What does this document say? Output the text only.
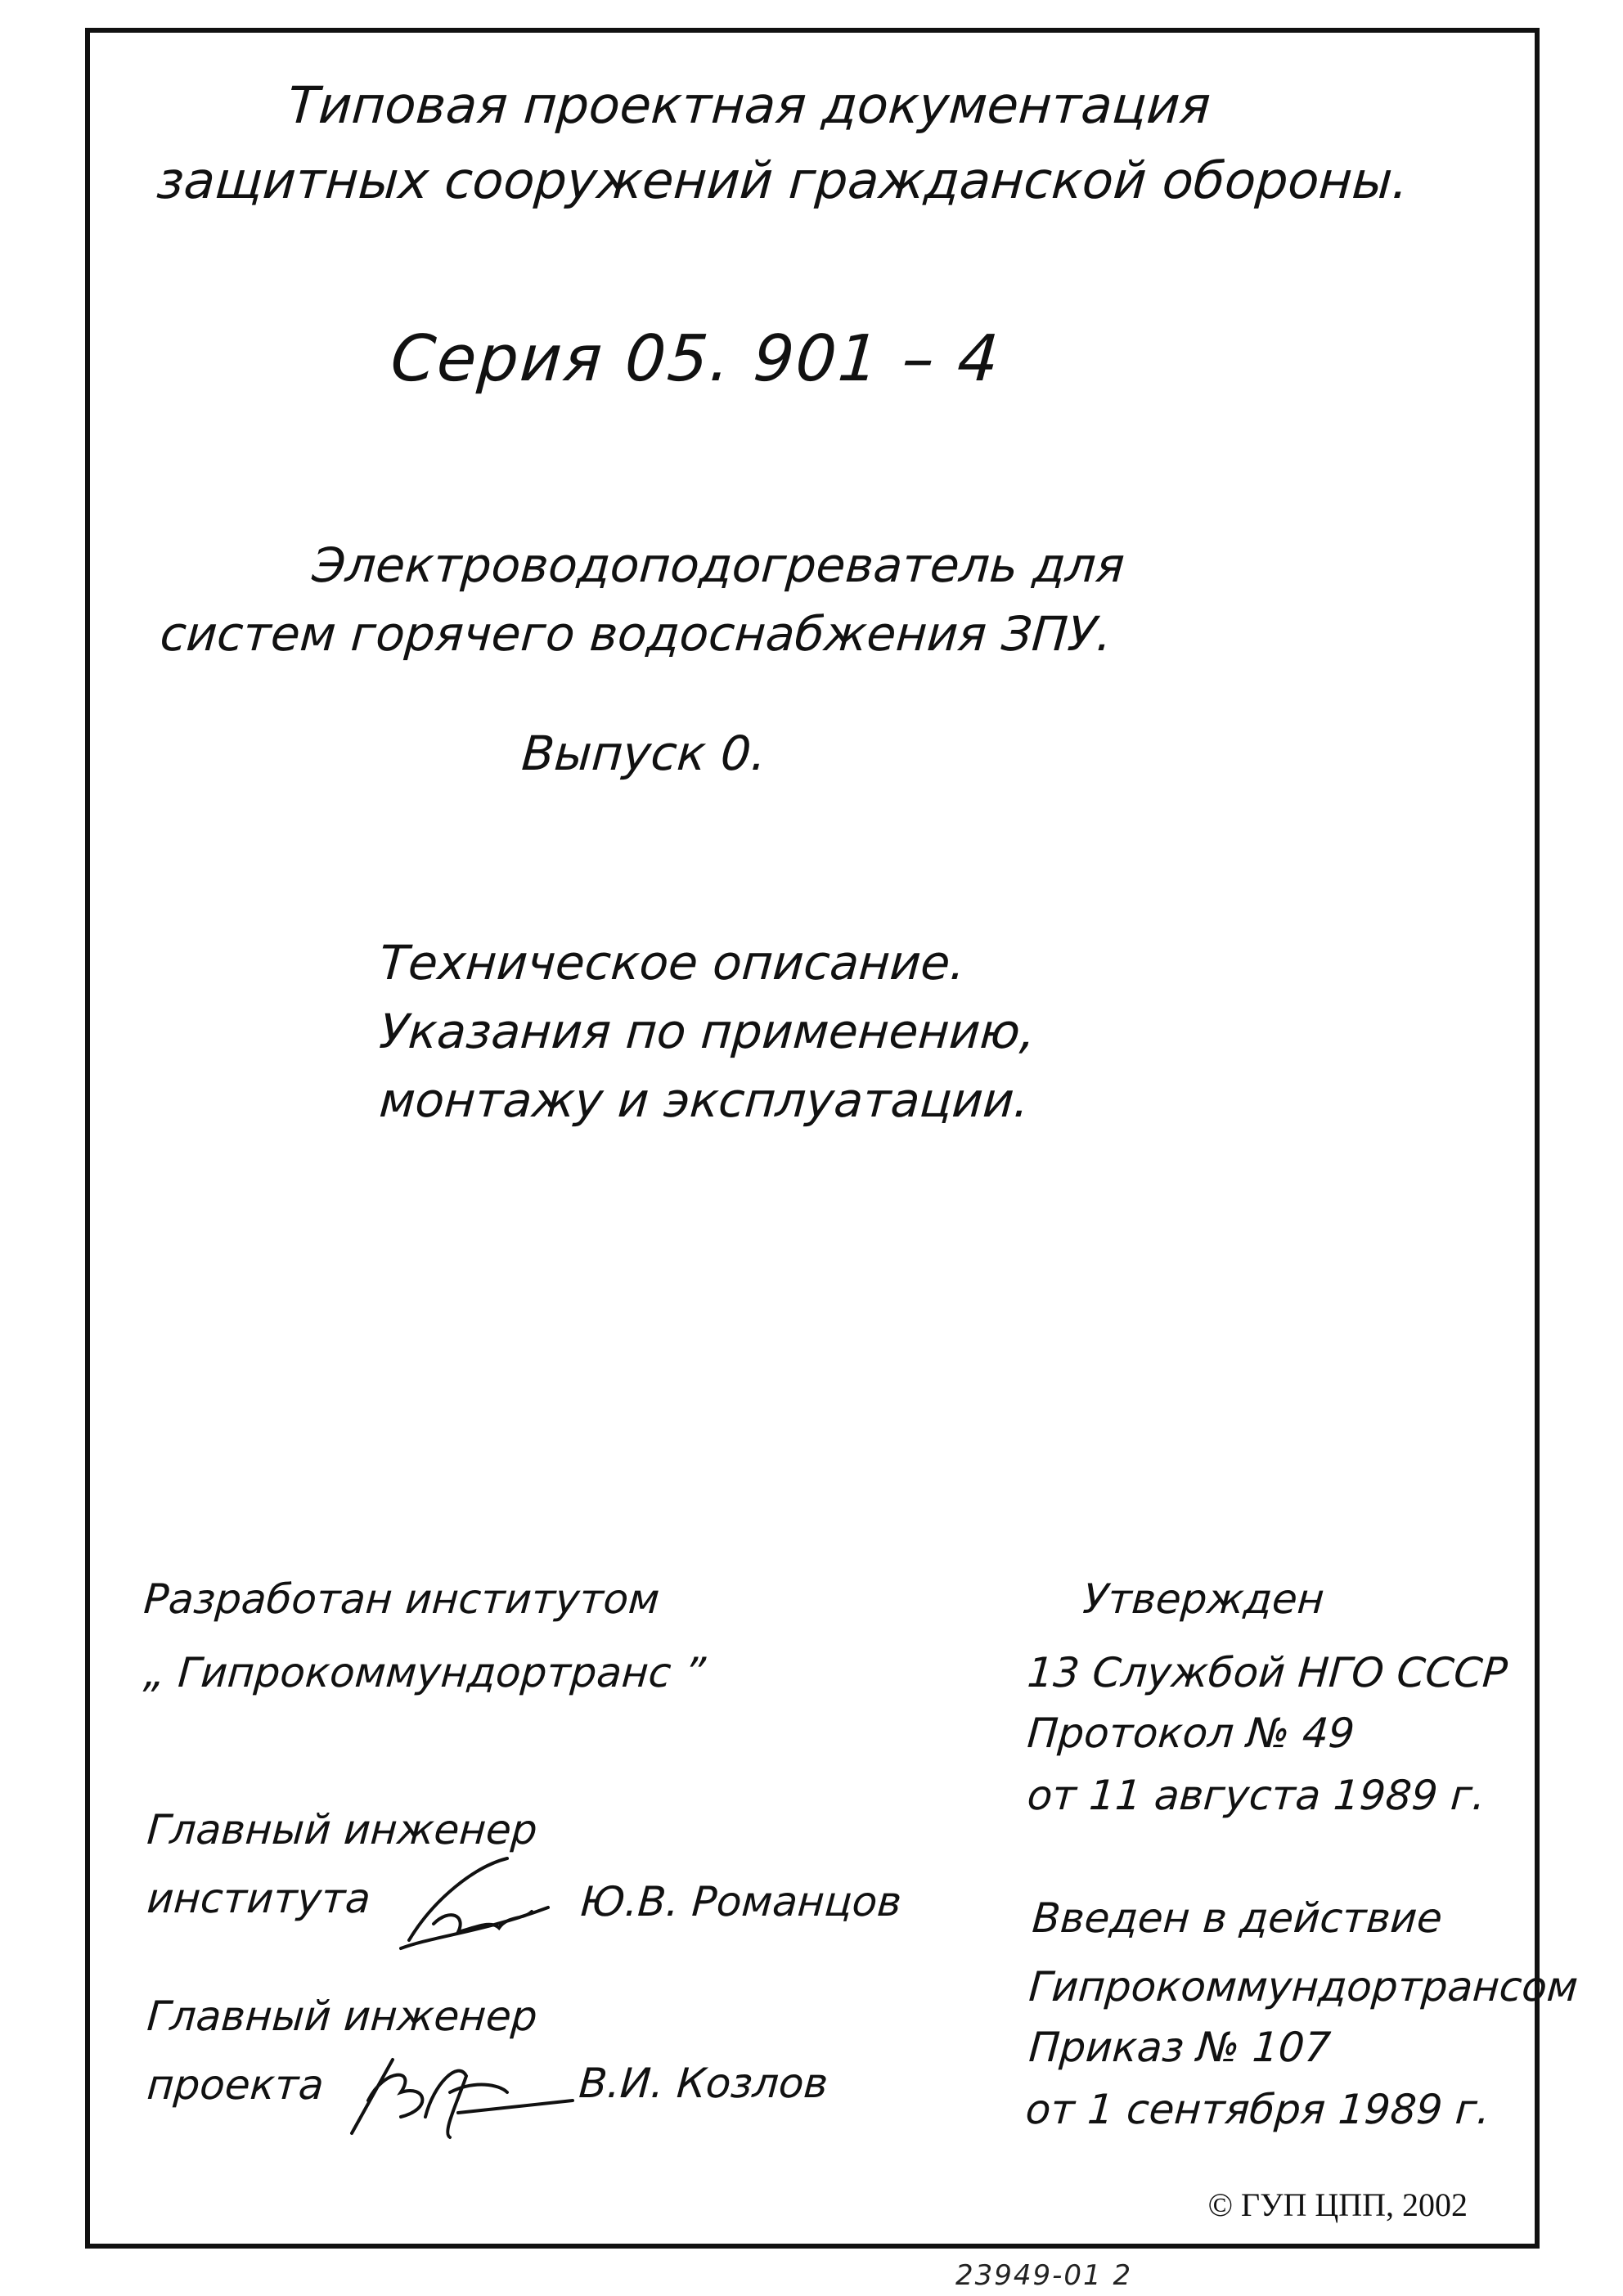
Типовая проектная документация
защитных сооружений гражданской обороны.
Серия 05. 901 – 4
Электроводоподогреватель для
систем горячего водоснабжения ЗПУ.
Выпуск 0.
Техническое описание.
Указания по применению,
монтажу и эксплуатации.
Разработан институтом
„ Гипрокоммундортранс ”
Главный инженер
института	Ю.В. Романцов
Главный инженер
проекта	В.И. Козлов
Утвержден
13 Службой НГО СССР
Протокол № 49
от 11 августа 1989 г.
Введен в действие
Гипрокоммундортрансом
Приказ № 107
от 1 сентября 1989 г.
© ГУП ЦПП, 2002
23949-01 2
